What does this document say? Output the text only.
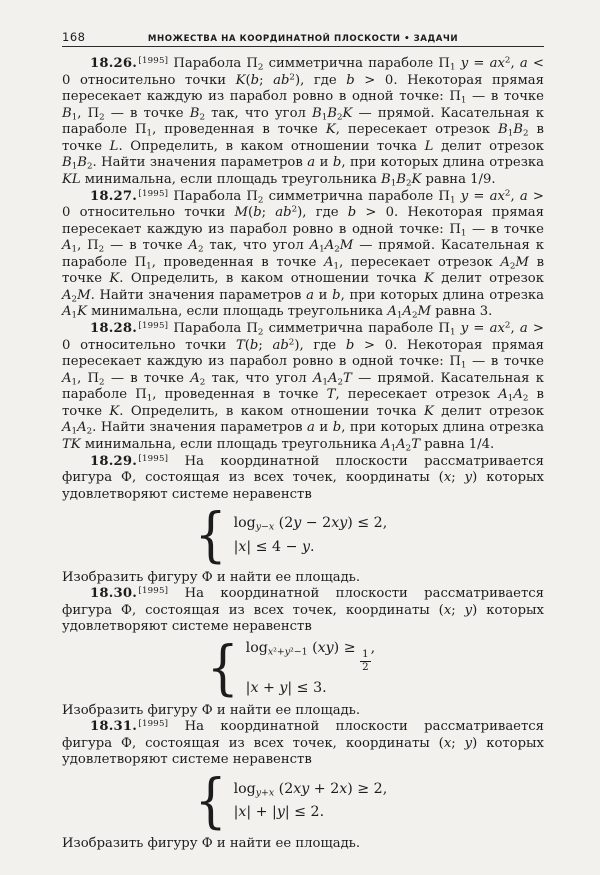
168	МНОЖЕСТВА НА КООРДИНАТНОЙ ПЛОСКОСТИ • ЗАДАЧИ

18.26. [1995] Парабола $П_2$ симметрична параболе $П_1$ $y = ax^2$, a < 0 относительно точки K(b; $ab^2$), где b > 0. Некоторая прямая пересекает каждую из парабол ровно в одной точке: $П_1$ — в точке $B_1$, $П_2$ — в точке $B_2$ так, что угол $B_1B_2K$ — прямой. Касательная к параболе $П_1$, проведенная в точке K, пересекает отрезок $B_1B_2$ в точке L. Определить, в каком отношении точка L делит отрезок $B_1B_2$. Найти значения параметров a и b, при которых длина отрезка KL минимальна, если площадь треугольника $B_1B_2K$ равна 1/9.

18.27. [1995] Парабола $П_2$ симметрична параболе $П_1$ $y = ax^2$, a > 0 относительно точки M(b; $ab^2$), где b > 0. Некоторая прямая пересекает каждую из парабол ровно в одной точке: $П_1$ — в точке $A_1$, $П_2$ — в точке $A_2$ так, что угол $A_1A_2M$ — прямой. Касательная к параболе $П_1$, проведенная в точке $A_1$, пересекает отрезок $A_2M$ в точке K. Определить, в каком отношении точка K делит отрезок $A_2M$. Найти значения параметров a и b, при которых длина отрезка $A_1K$ минимальна, если площадь треугольника $A_1A_2M$ равна 3.

18.28. [1995] Парабола $П_2$ симметрична параболе $П_1$ $y = ax^2$, a > 0 относительно точки T(b; $ab^2$), где b > 0. Некоторая прямая пересекает каждую из парабол ровно в одной точке: $П_1$ — в точке $A_1$, $П_2$ — в точке $A_2$ так, что угол $A_1A_2T$ — прямой. Касательная к параболе $П_1$, проведенная в точке T, пересекает отрезок $A_1A_2$ в точке K. Определить, в каком отношении точка K делит отрезок $A_1A_2$. Найти значения параметров a и b, при которых длина отрезка TK минимальна, если площадь треугольника $A_1A_2T$ равна 1/4.

18.29. [1995] На координатной плоскости рассматривается фигура Ф, состоящая из всех точек, координаты (x; y) которых удовлетворяют системе неравенств

{ $\log_{y-x} (2y - 2xy) \le 2$,
|x| ≤ 4 − y.

Изобразить фигуру Ф и найти ее площадь.

18.30. [1995] На координатной плоскости рассматривается фигура Ф, состоящая из всех точек, координаты (x; y) которых удовлетворяют системе неравенств

{ $\log_{x^2+y^2-1} (xy)$ ≥
$\frac{1}{2}$
,
|x + y| ≤ 3.

Изобразить фигуру Ф и найти ее площадь.

18.31. [1995] На координатной плоскости рассматривается фигура Ф, состоящая из всех точек, координаты (x; y) которых удовлетворяют системе неравенств

{ $\log_{y+x} (2xy + 2x) \ge 2$,
|x| + |y| ≤ 2.

Изобразить фигуру Ф и найти ее площадь.
